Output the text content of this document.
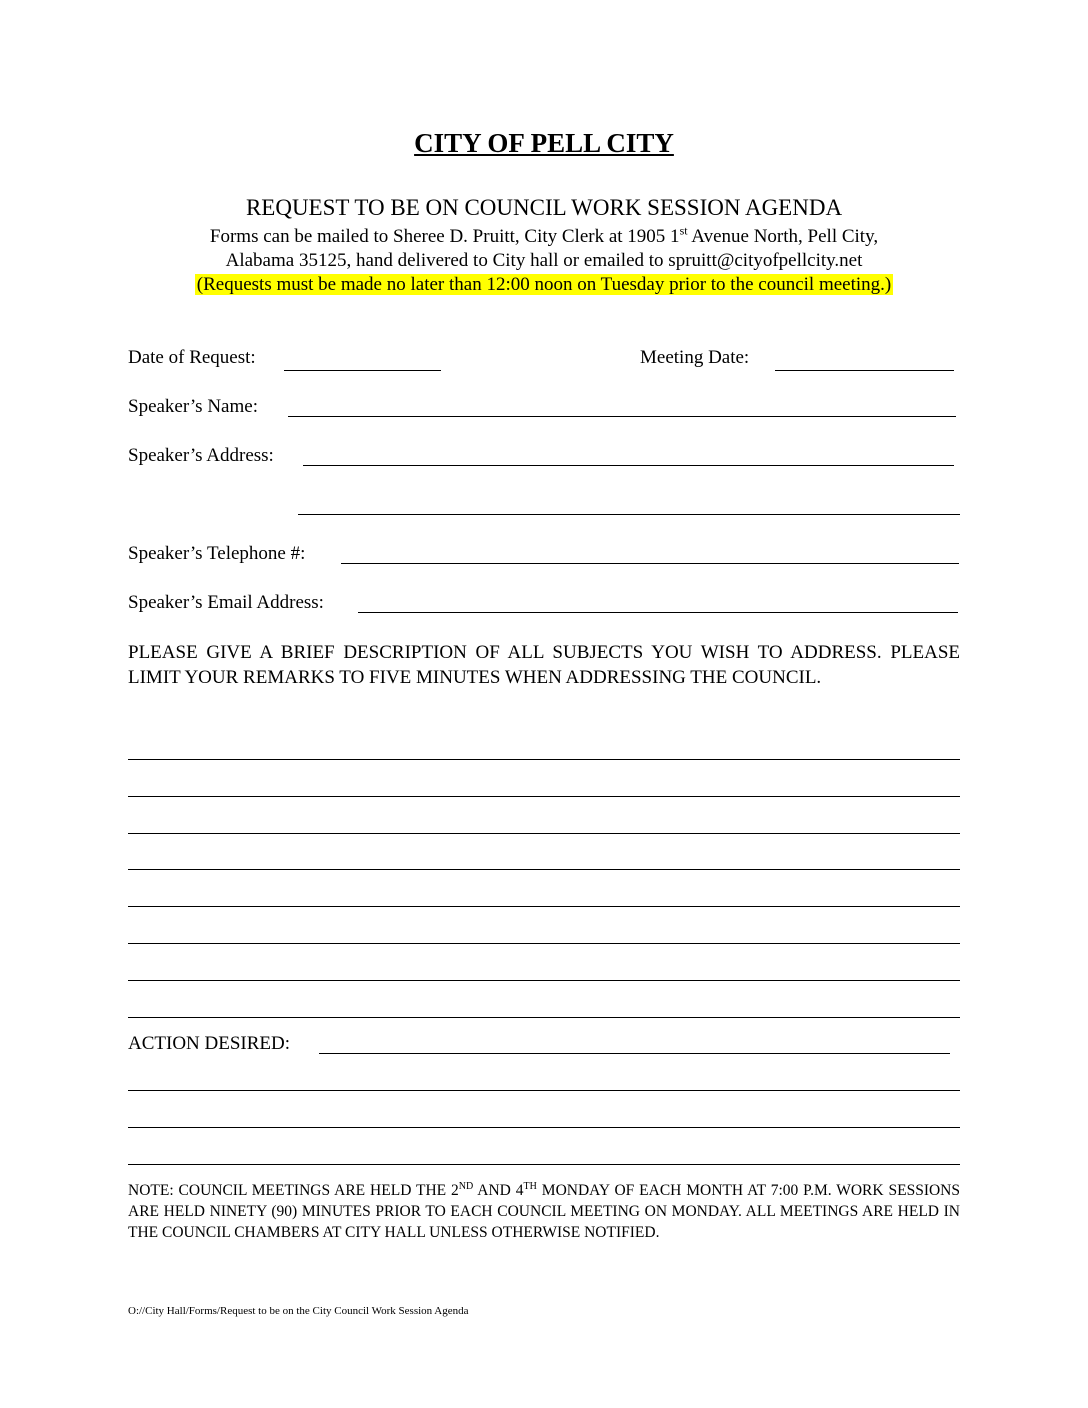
CITY OF PELL CITY
REQUEST TO BE ON COUNCIL WORK SESSION AGENDA
Forms can be mailed to Sheree D. Pruitt, City Clerk at 1905 1st Avenue North, Pell City,
Alabama 35125, hand delivered to City hall or emailed to spruitt@cityofpellcity.net
(Requests must be made no later than 12:00 noon on Tuesday prior to the council meeting.)
Date of Request:	Meeting Date:
Speaker’s Name:
Speaker’s Address:
Speaker’s Telephone #:
Speaker’s Email Address:
PLEASE GIVE A BRIEF DESCRIPTION OF ALL SUBJECTS YOU WISH TO ADDRESS. PLEASE LIMIT YOUR REMARKS TO FIVE MINUTES WHEN ADDRESSING THE COUNCIL.
ACTION DESIRED:
NOTE: COUNCIL MEETINGS ARE HELD THE 2ND AND 4TH MONDAY OF EACH MONTH AT 7:00 P.M. WORK SESSIONS ARE HELD NINETY (90) MINUTES PRIOR TO EACH COUNCIL MEETING ON MONDAY. ALL MEETINGS ARE HELD IN THE COUNCIL CHAMBERS AT CITY HALL UNLESS OTHERWISE NOTIFIED.
O://City Hall/Forms/Request to be on the City Council Work Session Agenda
